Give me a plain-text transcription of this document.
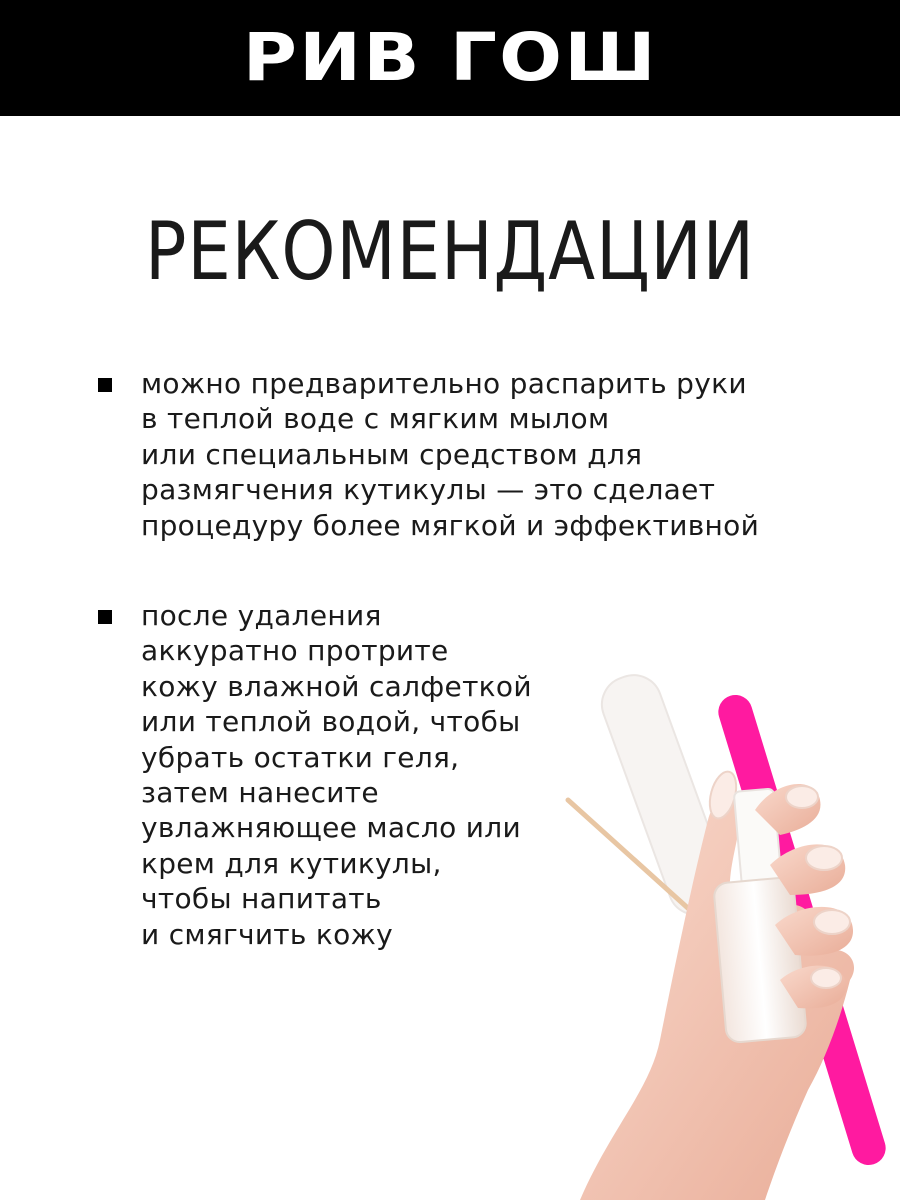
РИВ ГОШ
РЕКОМЕНДАЦИИ
можно предварительно распарить руки
в теплой воде с мягким мылом
или специальным средством для
размягчения кутикулы — это сделает
процедуру более мягкой и эффективной
после удаления
аккуратно протрите
кожу влажной салфеткой
или теплой водой, чтобы
убрать остатки геля,
затем нанесите
увлажняющее масло или
крем для кутикулы,
чтобы напитать
и смягчить кожу
